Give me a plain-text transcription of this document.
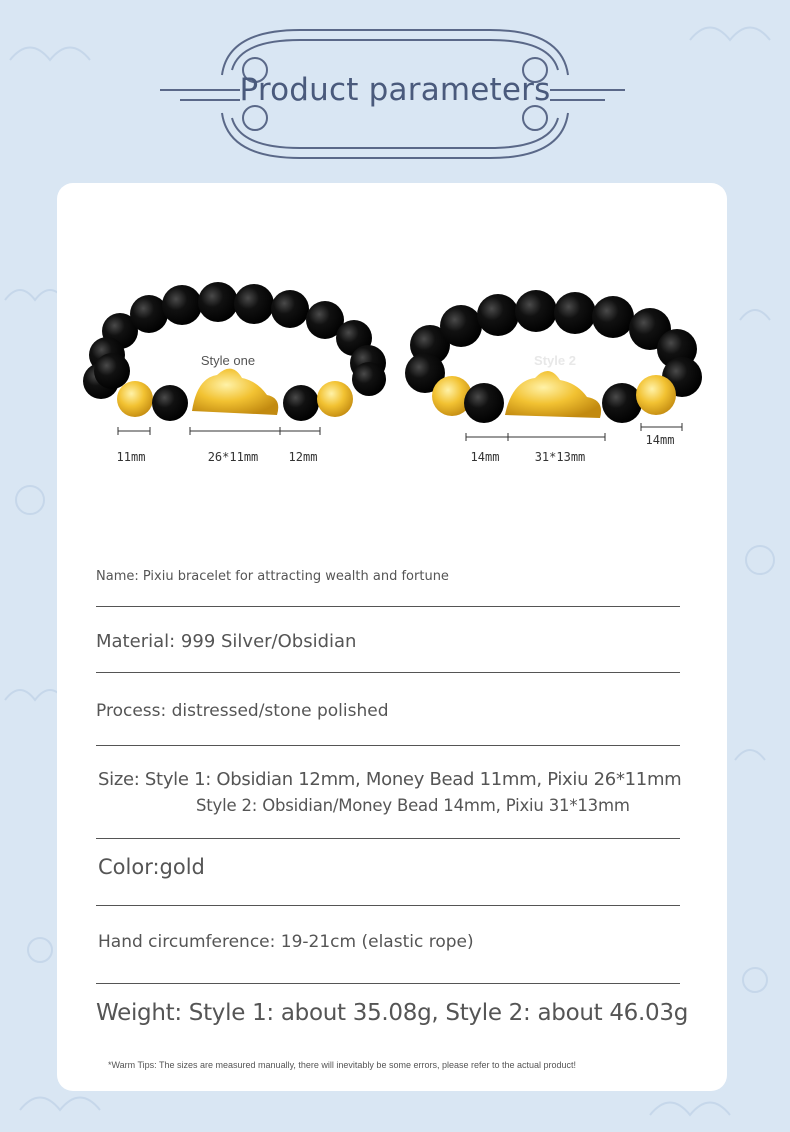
Product parameters
Style one
11mm	26*11mm	12mm
Style 2
14mm	31*13mm
14mm
Name: Pixiu bracelet for attracting wealth and fortune
Material: 999 Silver/Obsidian
Process: distressed/stone polished
Size: Style 1: Obsidian 12mm, Money Bead 11mm, Pixiu 26*11mm
Style 2: Obsidian/Money Bead 14mm, Pixiu 31*13mm
Color:gold
Hand circumference: 19-21cm (elastic rope)
Weight: Style 1: about 35.08g, Style 2: about 46.03g
*Warm Tips: The sizes are measured manually, there will inevitably be some errors, please refer to the actual product!
